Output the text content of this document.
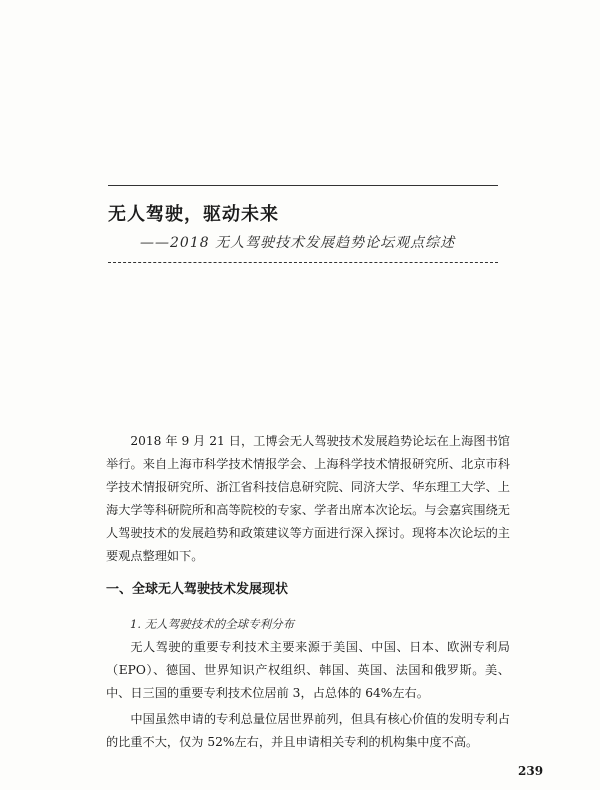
无人驾驶，驱动未来
——2018 无人驾驶技术发展趋势论坛观点综述

2018 年 9 月 21 日，工博会无人驾驶技术发展趋势论坛在上海图书馆举行。来自上海市科学技术情报学会、上海科学技术情报研究所、北京市科学技术情报研究所、浙江省科技信息研究院、同济大学、华东理工大学、上海大学等科研院所和高等院校的专家、学者出席本次论坛。与会嘉宾围绕无人驾驶技术的发展趋势和政策建议等方面进行深入探讨。现将本次论坛的主要观点整理如下。

一、全球无人驾驶技术发展现状
1. 无人驾驶技术的全球专利分布

无人驾驶的重要专利技术主要来源于美国、中国、日本、欧洲专利局（EPO）、德国、世界知识产权组织、韩国、英国、法国和俄罗斯。美、中、日三国的重要专利技术位居前 3，占总体的 64%左右。

中国虽然申请的专利总量位居世界前列，但具有核心价值的发明专利占的比重不大，仅为 52%左右，并且申请相关专利的机构集中度不高。

239
